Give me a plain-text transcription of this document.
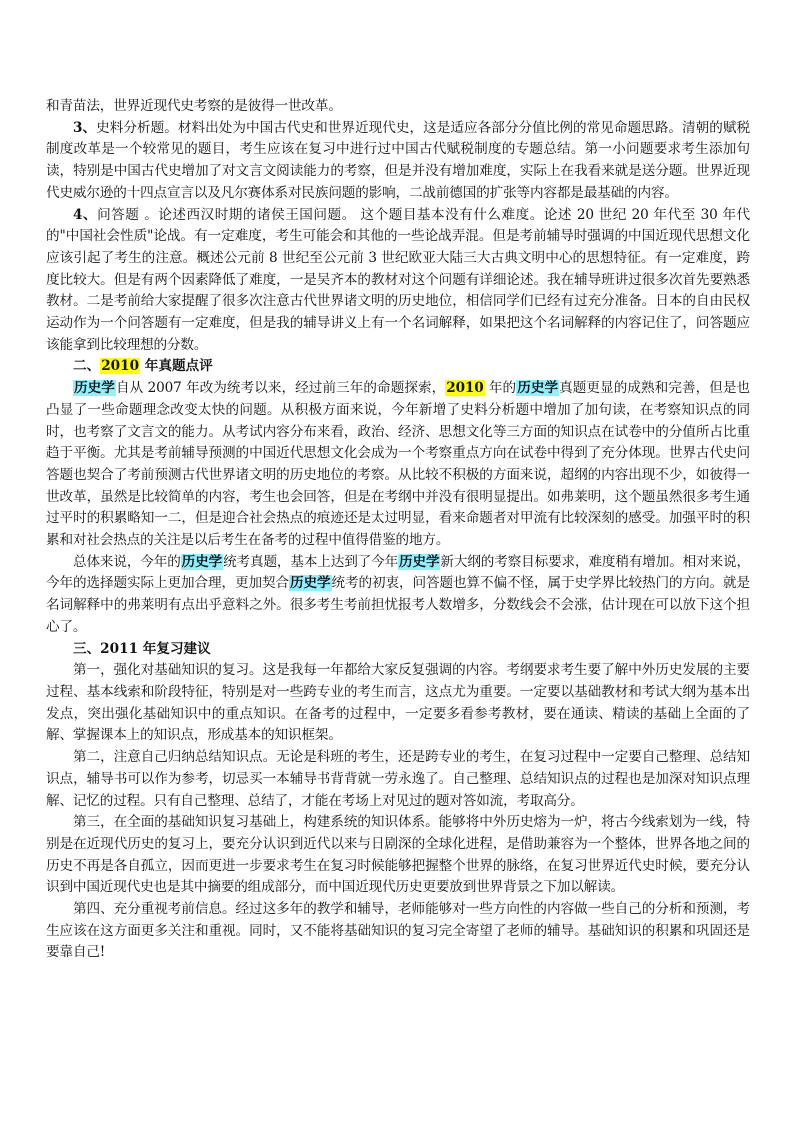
和青苗法，世界近现代史考察的是彼得一世改革。

3、史料分析题。材料出处为中国古代史和世界近现代史，这是适应各部分分值比例的常见命题思路。清朝的赋税制度改革是一个较常见的题目，考生应该在复习中进行过中国古代赋税制度的专题总结。第一小问题要求考生添加句读，特别是中国古代史增加了对文言文阅读能力的考察，但是并没有增加难度，实际上在我看来就是送分题。世界近现代史威尔逊的十四点宣言以及凡尔赛体系对民族问题的影响，二战前德国的扩张等内容都是最基础的内容。

4、问答题 。论述西汉时期的诸侯王国问题。 这个题目基本没有什么难度。论述 20 世纪 20 年代至 30 年代的"中国社会性质"论战。有一定难度，考生可能会和其他的一些论战弄混。但是考前辅导时强调的中国近现代思想文化应该引起了考生的注意。概述公元前 8 世纪至公元前 3 世纪欧亚大陆三大古典文明中心的思想特征。有一定难度，跨度比较大。但是有两个因素降低了难度，一是吴齐本的教材对这个问题有详细论述。我在辅导班讲过很多次首先要熟悉教材。二是考前给大家提醒了很多次注意古代世界诸文明的历史地位，相信同学们已经有过充分准备。日本的自由民权运动作为一个问答题有一定难度，但是我的辅导讲义上有一个名词解释，如果把这个名词解释的内容记住了，问答题应该能拿到比较理想的分数。

二、2010 年真题点评

历史学自从 2007 年改为统考以来，经过前三年的命题探索，2010 年的历史学真题更显的成熟和完善，但是也凸显了一些命题理念改变太快的问题。从积极方面来说，今年新增了史料分析题中增加了加句读，在考察知识点的同时，也考察了文言文的能力。从考试内容分布来看，政治、经济、思想文化等三方面的知识点在试卷中的分值所占比重趋于平衡。尤其是考前辅导预测的中国近代思想文化会成为一个考察重点方向在试卷中得到了充分体现。世界古代史问答题也契合了考前预测古代世界诸文明的历史地位的考察。从比较不积极的方面来说，超纲的内容出现不少，如彼得一世改革，虽然是比较简单的内容，考生也会回答，但是在考纲中并没有很明显提出。如弗莱明，这个题虽然很多考生通过平时的积累略知一二，但是迎合社会热点的痕迹还是太过明显，看来命题者对甲流有比较深刻的感受。加强平时的积累和对社会热点的关注是以后考生在备考的过程中值得借鉴的地方。

总体来说，今年的历史学统考真题，基本上达到了今年历史学新大纲的考察目标要求，难度稍有增加。相对来说，今年的选择题实际上更加合理，更加契合历史学统考的初衷，问答题也算不偏不怪，属于史学界比较热门的方向。就是名词解释中的弗莱明有点出乎意料之外。很多考生考前担忧报考人数增多，分数线会不会涨，估计现在可以放下这个担心了。

三、2011 年复习建议

第一，强化对基础知识的复习。这是我每一年都给大家反复强调的内容。考纲要求考生要了解中外历史发展的主要过程、基本线索和阶段特征，特别是对一些跨专业的考生而言，这点尤为重要。一定要以基础教材和考试大纲为基本出发点，突出强化基础知识中的重点知识。在备考的过程中，一定要多看参考教材，要在通读、精读的基础上全面的了解、掌握课本上的知识点，形成基本的知识框架。

第二，注意自己归纳总结知识点。无论是科班的考生，还是跨专业的考生，在复习过程中一定要自己整理、总结知识点，辅导书可以作为参考，切忌买一本辅导书背背就一劳永逸了。自己整理、总结知识点的过程也是加深对知识点理解、记忆的过程。只有自己整理、总结了，才能在考场上对见过的题对答如流，考取高分。

第三，在全面的基础知识复习基础上，构建系统的知识体系。能够将中外历史熔为一炉，将古今线索划为一线，特别是在近现代历史的复习上，要充分认识到近代以来与日剧深的全球化进程，是借助兼容为一个整体，世界各地之间的历史不再是各自孤立，因而更进一步要求考生在复习时候能够把握整个世界的脉络，在复习世界近代史时候，要充分认识到中国近现代史也是其中摘要的组成部分，而中国近现代历史更要放到世界背景之下加以解读。

第四、充分重视考前信息。经过这多年的教学和辅导，老师能够对一些方向性的内容做一些自己的分析和预测，考生应该在这方面更多关注和重视。同时，又不能将基础知识的复习完全寄望了老师的辅导。基础知识的积累和巩固还是要靠自己!
